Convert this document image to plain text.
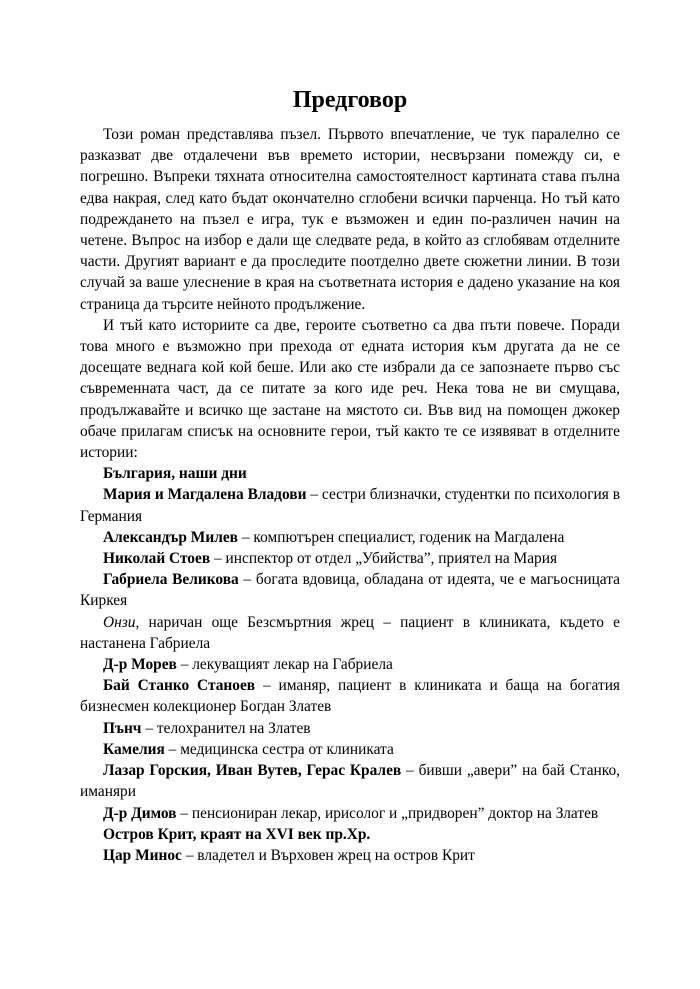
Предговор

Този роман представлява пъзел. Първото впечатление, че тук паралелно се разказват две отдалечени във времето истории, несвързани помежду си, е погрешно. Въпреки тяхната относителна самостоятелност картината става пълна едва накрая, след като бъдат окончателно сглобени всички парченца. Но тъй като подреждането на пъзел е игра, тук е възможен и един по-различен начин на четене. Въпрос на избор е дали ще следвате реда, в който аз сглобявам отделните части. Другият вариант е да проследите поотделно двете сюжетни линии. В този случай за ваше улеснение в края на съответната история е дадено указание на коя страница да търсите нейното продължение.

И тъй като историите са две, героите съответно са два пъти повече. Поради това много е възможно при прехода от едната история към другата да не се досещате веднага кой кой беше. Или ако сте избрали да се запознаете първо със съвременната част, да се питате за кого иде реч. Нека това не ви смущава, продължавайте и всичко ще застане на мястото си. Във вид на помощен джокер обаче прилагам списък на основните герои, тъй както те се изявяват в отделните истории:

България, наши дни

Мария и Магдалена Владови – сестри близначки, студентки по психология в Германия

Александър Милев – компютърен специалист, годеник на Магдалена

Николай Стоев – инспектор от отдел „Убийства”, приятел на Мария

Габриела Великова – богата вдовица, обладана от идеята, че е магьосницата Киркея

Онзи, наричан още Безсмъртния жрец – пациент в клиниката, където е настанена Габриела

Д-р Морев – лекуващият лекар на Габриела

Бай Станко Станоев – иманяр, пациент в клиниката и баща на богатия бизнесмен колекционер Богдан Златев

Пънч – телохранител на Златев

Камелия – медицинска сестра от клиниката

Лазар Горския, Иван Вутев, Герас Кралев – бивши „авери” на бай Станко, иманяри

Д-р Димов – пенсиониран лекар, ирисолог и „придворен” доктор на Златев

Остров Крит, краят на XVI век пр.Хр.

Цар Минос – владетел и Върховен жрец на остров Крит
